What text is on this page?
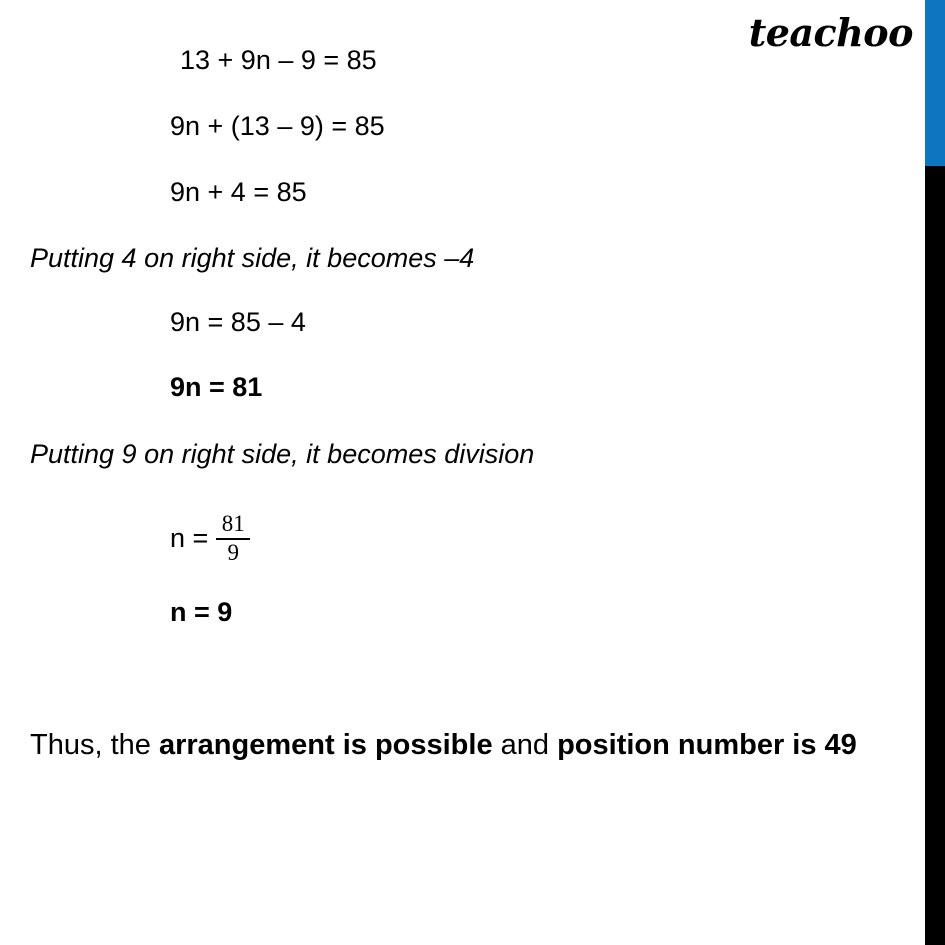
teachoo
13 + 9n – 9 = 85
9n + (13 – 9) = 85
9n + 4 = 85
Putting 4 on right side, it becomes –4
9n = 85 – 4
9n = 81
Putting 9 on right side, it becomes division
$n = \frac{81}{9}$
n = 9
Thus, the arrangement is possible and position number is 49
